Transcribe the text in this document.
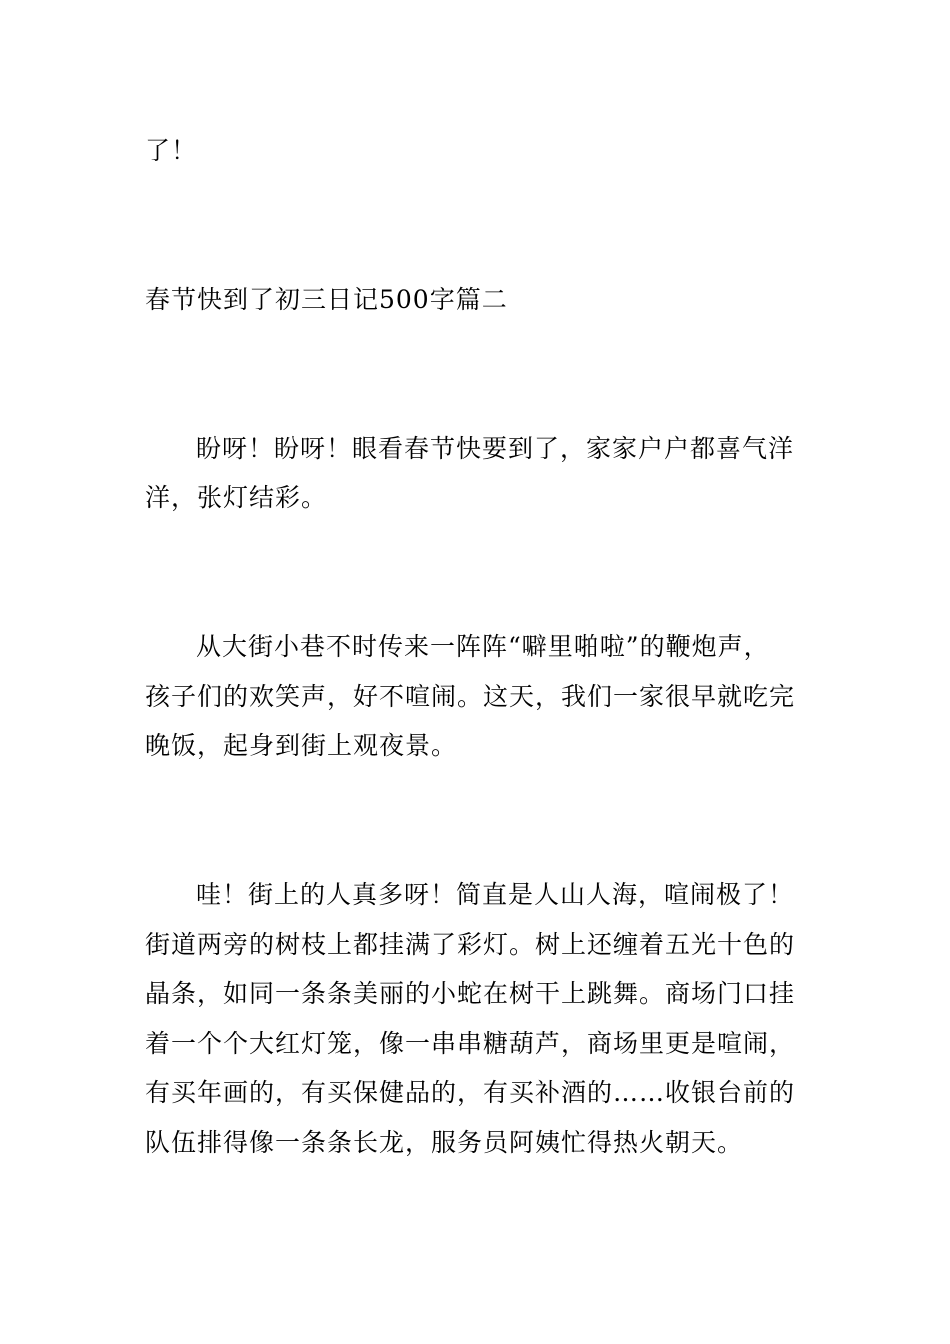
了！
春节快到了初三日记500字篇二
盼呀！盼呀！眼看春节快要到了，家家户户都喜气洋
洋，张灯结彩。
从大街小巷不时传来一阵阵“噼里啪啦”的鞭炮声，
孩子们的欢笑声，好不喧闹。这天，我们一家很早就吃完
晚饭，起身到街上观夜景。
哇！街上的人真多呀！简直是人山人海，喧闹极了！
街道两旁的树枝上都挂满了彩灯。树上还缠着五光十色的
晶条，如同一条条美丽的小蛇在树干上跳舞。商场门口挂
着一个个大红灯笼，像一串串糖葫芦，商场里更是喧闹，
有买年画的，有买保健品的，有买补酒的……收银台前的
队伍排得像一条条长龙，服务员阿姨忙得热火朝天。
